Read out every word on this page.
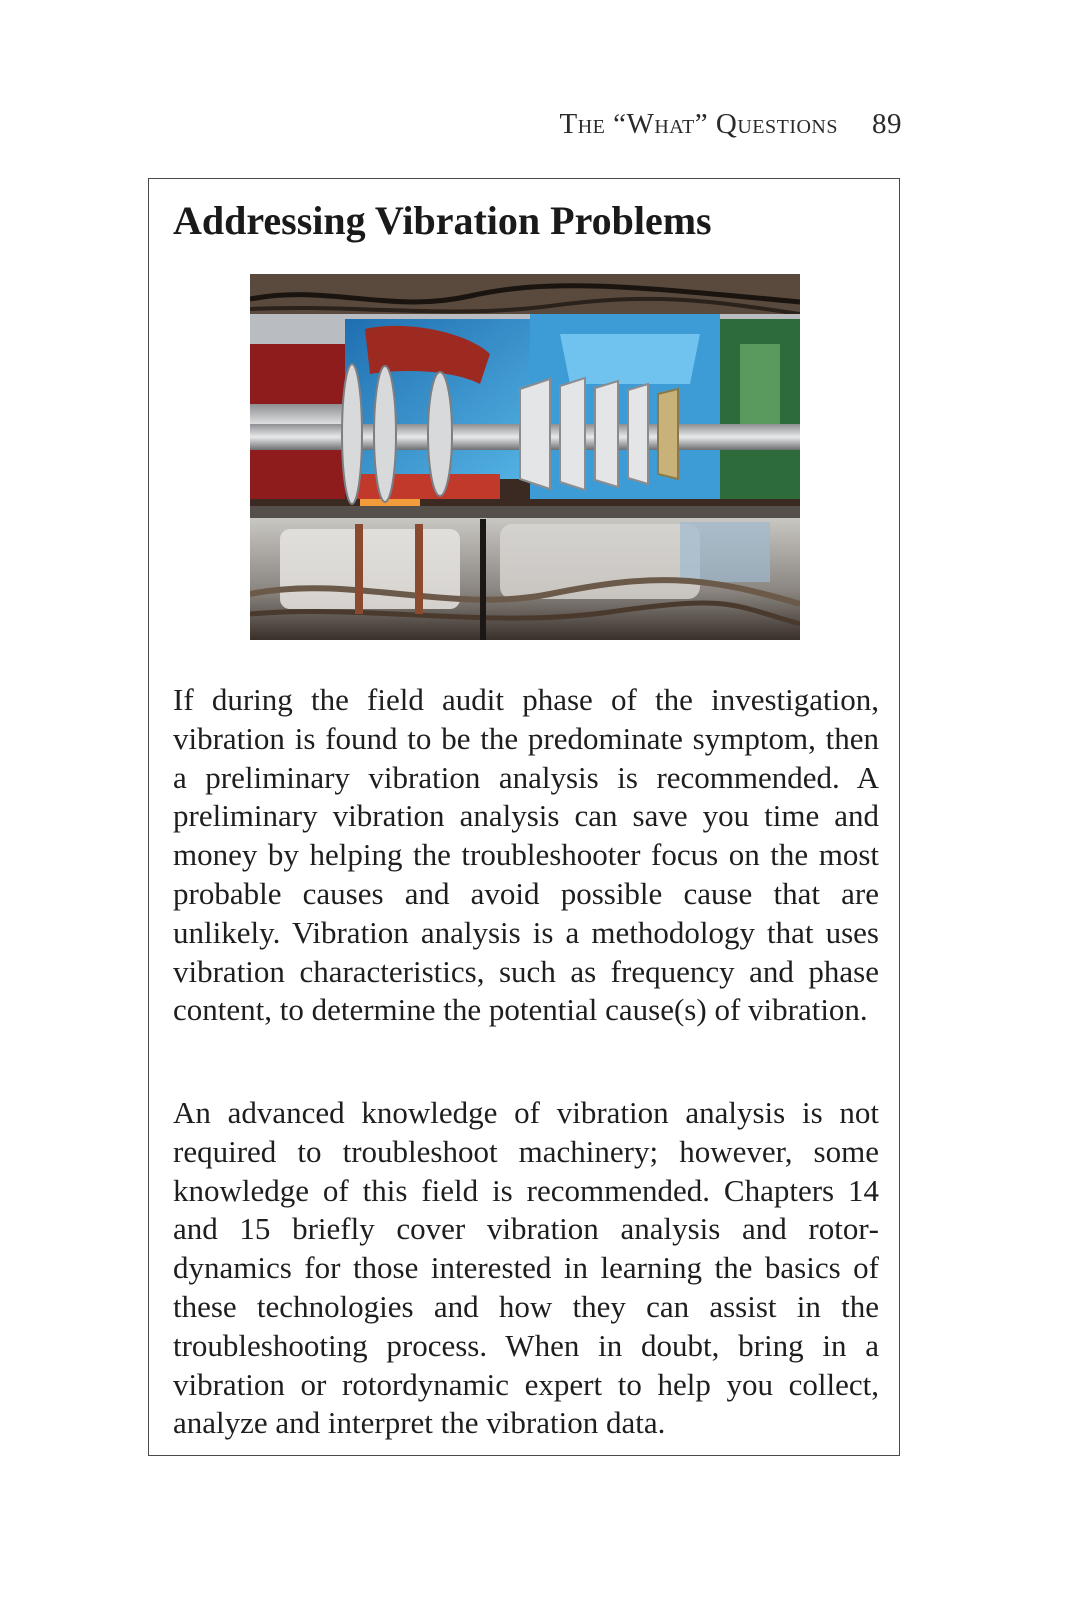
The “What” Questions 89
Addressing Vibration Problems

If during the field audit phase of the investigation, vibration is found to be the predominate symptom, then a preliminary vibration analysis is recommended. A preliminary vibration analysis can save you time and money by helping the troubleshooter focus on the most probable causes and avoid possible cause that are unlikely. Vibration analysis is a methodology that uses vibration characteristics, such as frequency and phase content, to determine the potential cause(s) of vibration.

An advanced knowledge of vibration analysis is not required to troubleshoot machinery; however, some knowledge of this field is recommended. Chapters 14 and 15 briefly cover vibration analysis and rotordynamics for those interested in learning the basics of these technologies and how they can assist in the troubleshooting process. When in doubt, bring in a vibration or rotordynamic expert to help you collect, analyze and interpret the vibration data.
